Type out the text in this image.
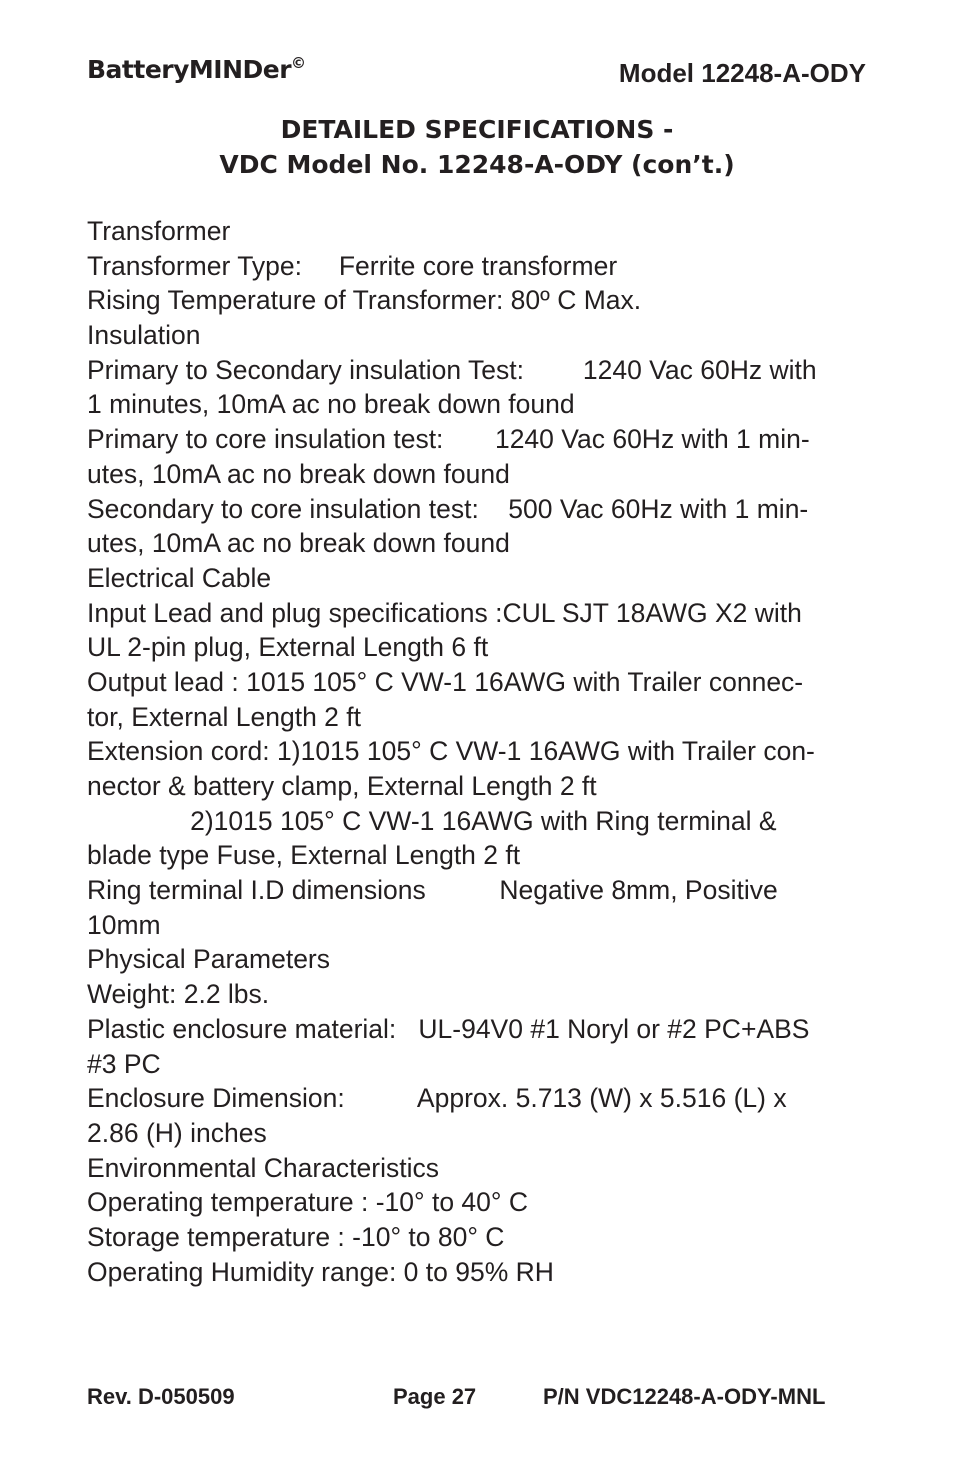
BatteryMINDer©	Model 12248-A-ODY
DETAILED SPECIFICATIONS -
VDC Model No. 12248-A-ODY (con’t.)
Transformer
Transformer Type:     Ferrite core transformer
Rising Temperature of Transformer: 80º C Max.
Insulation
Primary to Secondary insulation Test:        1240 Vac 60Hz with
1 minutes, 10mA ac no break down found
Primary to core insulation test:       1240 Vac 60Hz with 1 min-
utes, 10mA ac no break down found
Secondary to core insulation test:    500 Vac 60Hz with 1 min-
utes, 10mA ac no break down found
Electrical Cable
Input Lead and plug specifications :CUL SJT 18AWG X2 with
UL 2-pin plug, External Length 6 ft
Output lead : 1015 105° C VW-1 16AWG with Trailer connec-
tor, External Length 2 ft
Extension cord: 1)1015 105° C VW-1 16AWG with Trailer con-
nector & battery clamp, External Length 2 ft
2)1015 105° C VW-1 16AWG with Ring terminal &
blade type Fuse, External Length 2 ft
Ring terminal I.D dimensions          Negative 8mm, Positive
10mm
Physical Parameters
Weight: 2.2 lbs.
Plastic enclosure material:   UL-94V0 #1 Noryl or #2 PC+ABS
#3 PC
Enclosure Dimension:          Approx. 5.713 (W) x 5.516 (L) x
2.86 (H) inches
Environmental Characteristics
Operating temperature : -10° to 40° C
Storage temperature : -10° to 80° C
Operating Humidity range: 0 to 95% RH
Rev. D-050509	Page 27	P/N VDC12248-A-ODY-MNL
